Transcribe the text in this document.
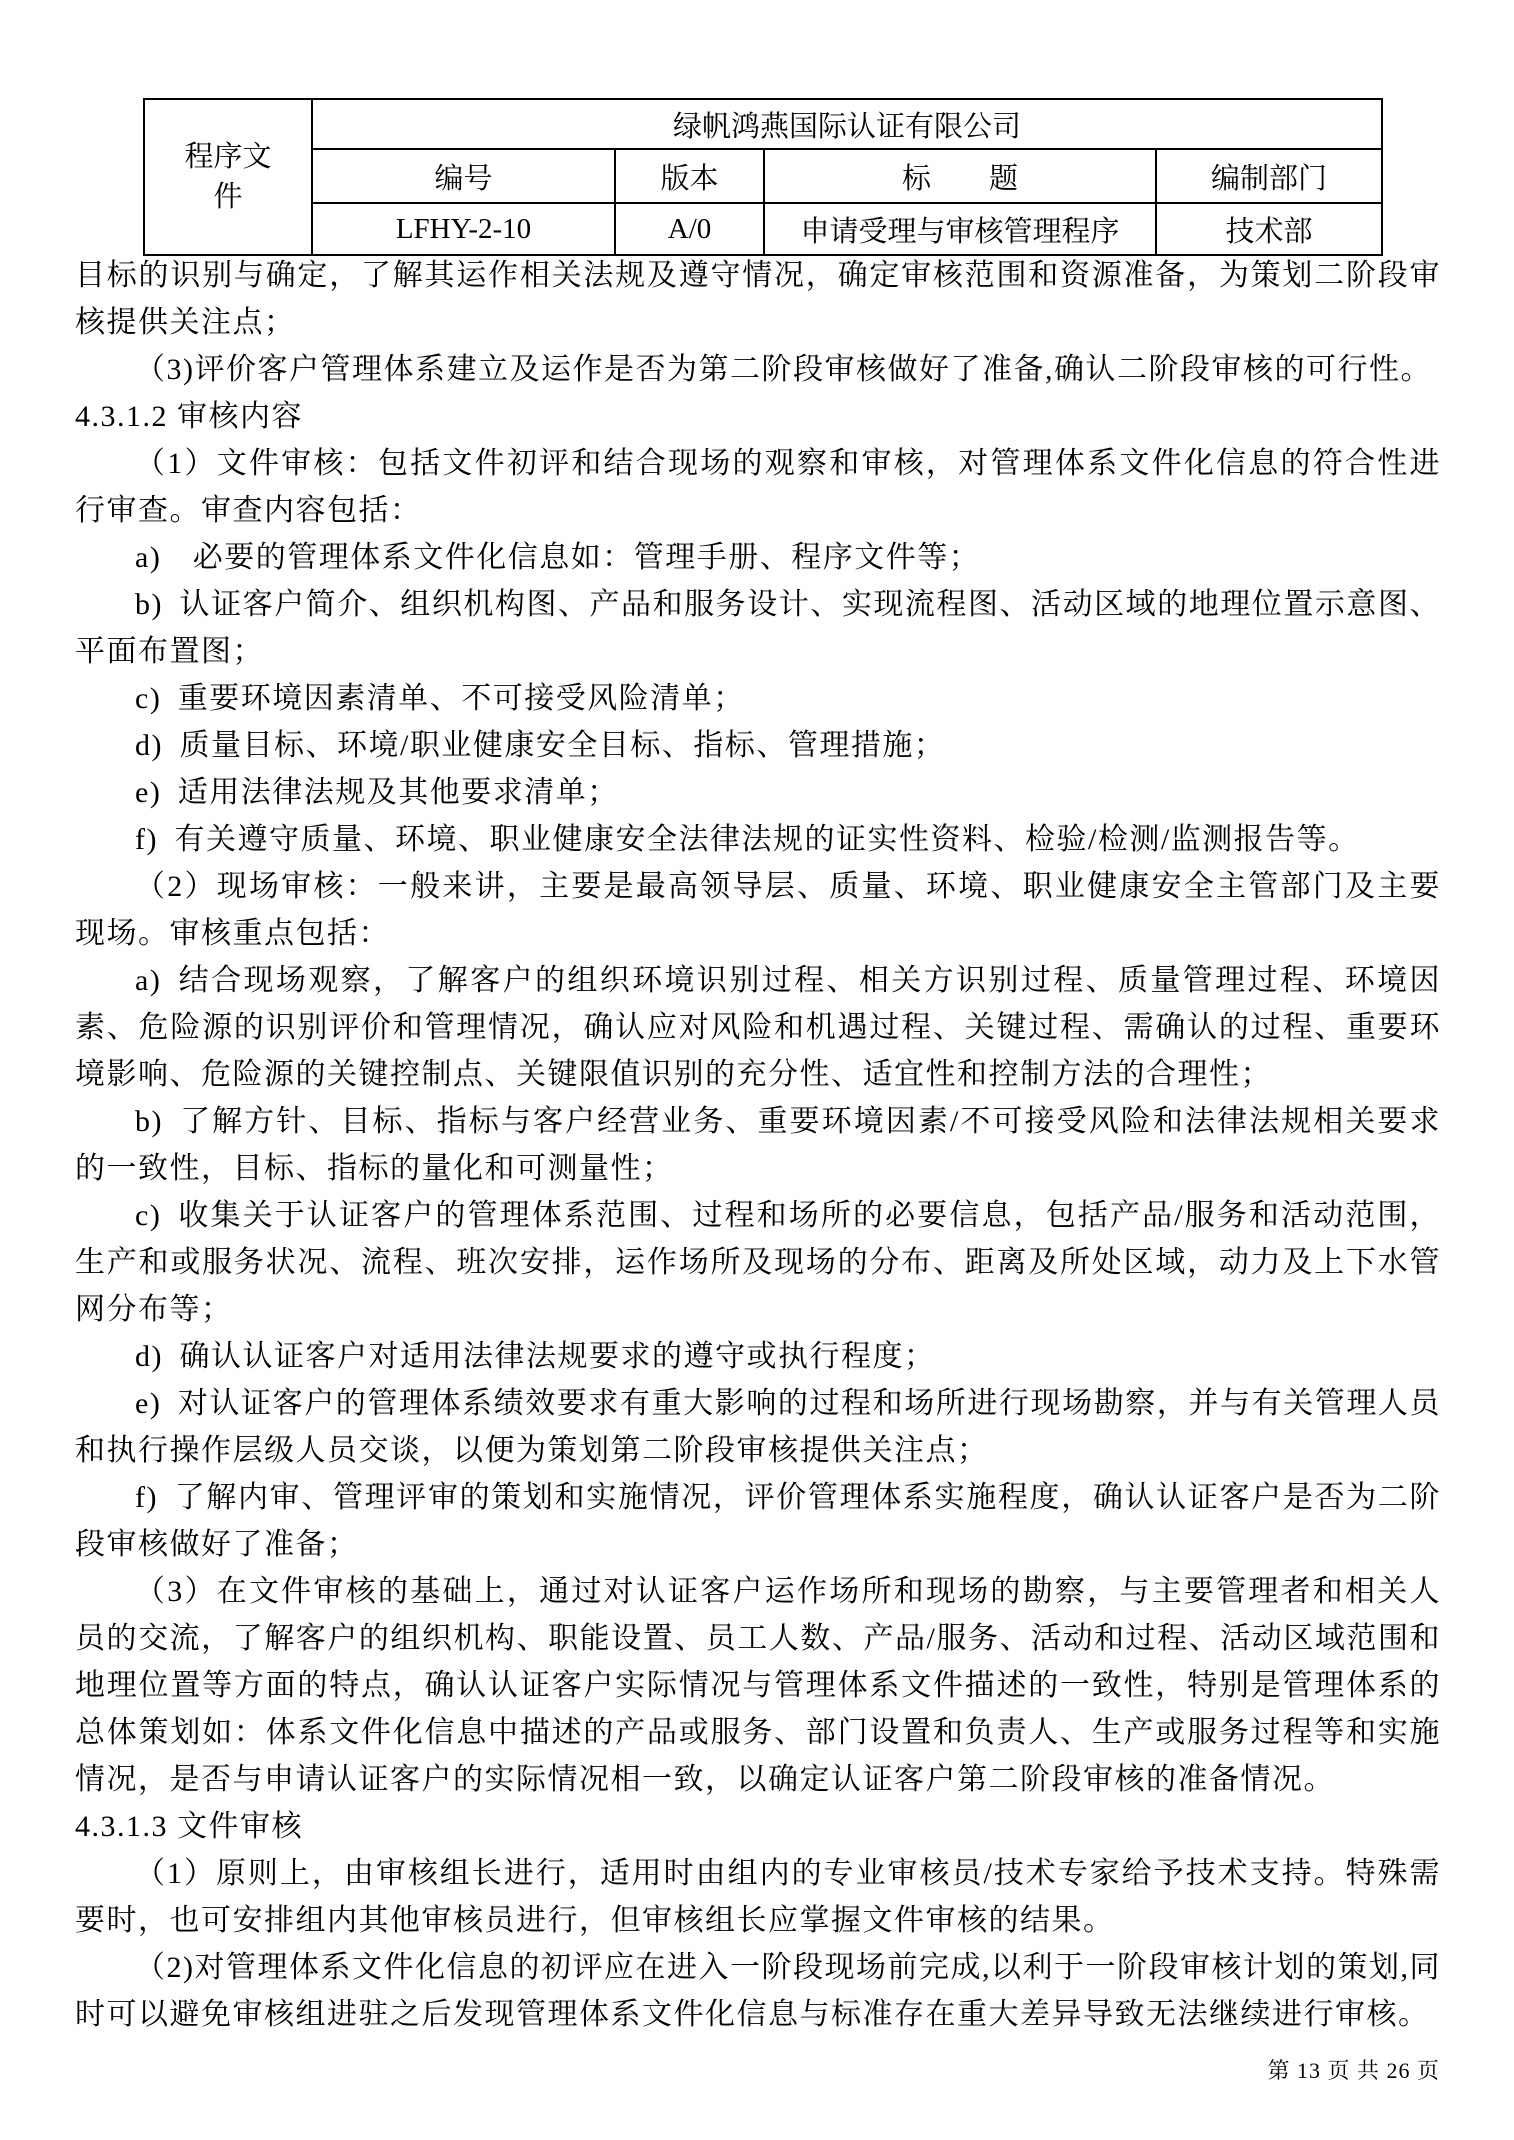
程序文件	绿帆鸿燕国际认证有限公司			
	编号	版本	标　　题	编制部门
	LFHY-2-10	A/0	申请受理与审核管理程序	技术部

目标的识别与确定，了解其运作相关法规及遵守情况，确定审核范围和资源准备，为策划二阶段审核提供关注点；

（3)评价客户管理体系建立及运作是否为第二阶段审核做好了准备,确认二阶段审核的可行性。

4.3.1.2 审核内容

（1）文件审核：包括文件初评和结合现场的观察和审核，对管理体系文件化信息的符合性进行审查。审查内容包括：

a)　必要的管理体系文件化信息如：管理手册、程序文件等；

b) 认证客户简介、组织机构图、产品和服务设计、实现流程图、活动区域的地理位置示意图、平面布置图；

c) 重要环境因素清单、不可接受风险清单；

d) 质量目标、环境/职业健康安全目标、指标、管理措施；

e) 适用法律法规及其他要求清单；

f) 有关遵守质量、环境、职业健康安全法律法规的证实性资料、检验/检测/监测报告等。

（2）现场审核：一般来讲，主要是最高领导层、质量、环境、职业健康安全主管部门及主要现场。审核重点包括：

a) 结合现场观察，了解客户的组织环境识别过程、相关方识别过程、质量管理过程、环境因素、危险源的识别评价和管理情况，确认应对风险和机遇过程、关键过程、需确认的过程、重要环境影响、危险源的关键控制点、关键限值识别的充分性、适宜性和控制方法的合理性；

b) 了解方针、目标、指标与客户经营业务、重要环境因素/不可接受风险和法律法规相关要求的一致性，目标、指标的量化和可测量性；

c) 收集关于认证客户的管理体系范围、过程和场所的必要信息，包括产品/服务和活动范围，生产和或服务状况、流程、班次安排，运作场所及现场的分布、距离及所处区域，动力及上下水管网分布等；

d) 确认认证客户对适用法律法规要求的遵守或执行程度；

e) 对认证客户的管理体系绩效要求有重大影响的过程和场所进行现场勘察，并与有关管理人员和执行操作层级人员交谈，以便为策划第二阶段审核提供关注点；

f) 了解内审、管理评审的策划和实施情况，评价管理体系实施程度，确认认证客户是否为二阶段审核做好了准备；

（3）在文件审核的基础上，通过对认证客户运作场所和现场的勘察，与主要管理者和相关人员的交流，了解客户的组织机构、职能设置、员工人数、产品/服务、活动和过程、活动区域范围和地理位置等方面的特点，确认认证客户实际情况与管理体系文件描述的一致性，特别是管理体系的总体策划如：体系文件化信息中描述的产品或服务、部门设置和负责人、生产或服务过程等和实施情况，是否与申请认证客户的实际情况相一致，以确定认证客户第二阶段审核的准备情况。

4.3.1.3 文件审核

（1）原则上，由审核组长进行，适用时由组内的专业审核员/技术专家给予技术支持。特殊需要时，也可安排组内其他审核员进行，但审核组长应掌握文件审核的结果。

（2)对管理体系文件化信息的初评应在进入一阶段现场前完成,以利于一阶段审核计划的策划,同时可以避免审核组进驻之后发现管理体系文件化信息与标准存在重大差异导致无法继续进行审核。

第 13 页 共 26 页
